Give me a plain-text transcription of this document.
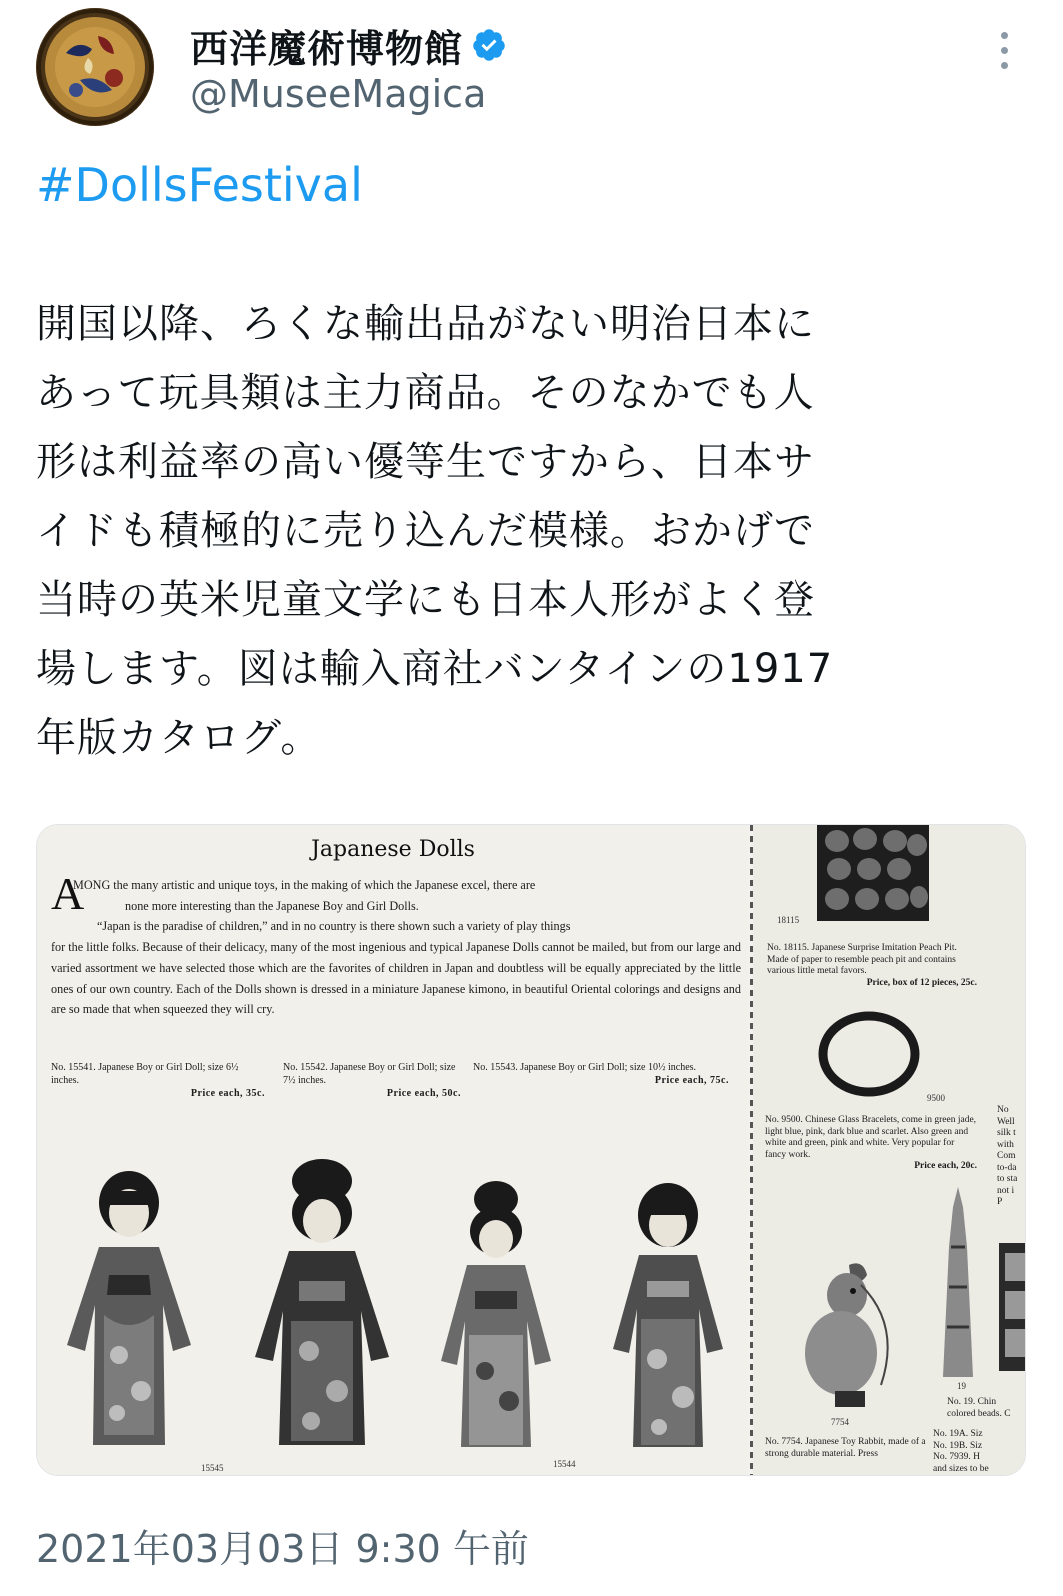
西洋魔術博物館
@MuseeMagica
#DollsFestival
開国以降、ろくな輸出品がない明治日本に
あって玩具類は主力商品。そのなかでも人
形は利益率の高い優等生ですから、日本サ
イドも積極的に売り込んだ模様。おかげで
当時の英米児童文学にも日本人形がよく登
場します。図は輸入商社バンタインの1917
年版カタログ。
Japanese Dolls
A
MONG the many artistic and unique toys, in the making of which the Japanese excel, there are
none more interesting than the Japanese Boy and Girl Dolls.
“Japan is the paradise of children,” and in no country is there shown such a variety of play things
for the little folks. Because of their delicacy, many of the most ingenious and typical Japanese Dolls cannot be mailed, but from our large and varied assortment we have selected those which are the favorites of children in Japan and doubtless will be equally appreciated by the little ones of our own country. Each of the Dolls shown is dressed in a miniature Japanese kimono, in beautiful Oriental colorings and designs and are so made that when squeezed they will cry.
No. 15541. Japanese Boy or Girl Doll; size 6½ inches.
Price each, 35c.
No. 15542. Japanese Boy or Girl Doll; size 7½ inches.
Price each, 50c.
No. 15543. Japanese Boy or Girl Doll; size 10½ inches.
Price each, 75c.
15545	15544
18115
No. 18115. Japanese Surprise Imitation Peach Pit. Made of paper to resemble peach pit and contains various little metal favors.
Price, box of 12 pieces, 25c.
9500
No. 9500. Chinese Glass Bracelets, come in green jade, light blue, pink, dark blue and scarlet. Also green and white and green, pink and white. Very popular for fancy work.
Price each, 20c.
No
Well
silk t
with
Com
to-da
to sta
not i
P
19
No. 19. Chin
colored beads. C
No. 19A. Siz
No. 19B. Siz
No. 7939. H
and sizes to be
7754
No. 7754. Japanese Toy Rabbit, made of a strong durable material. Press
2021年03月03日 9:30 午前
